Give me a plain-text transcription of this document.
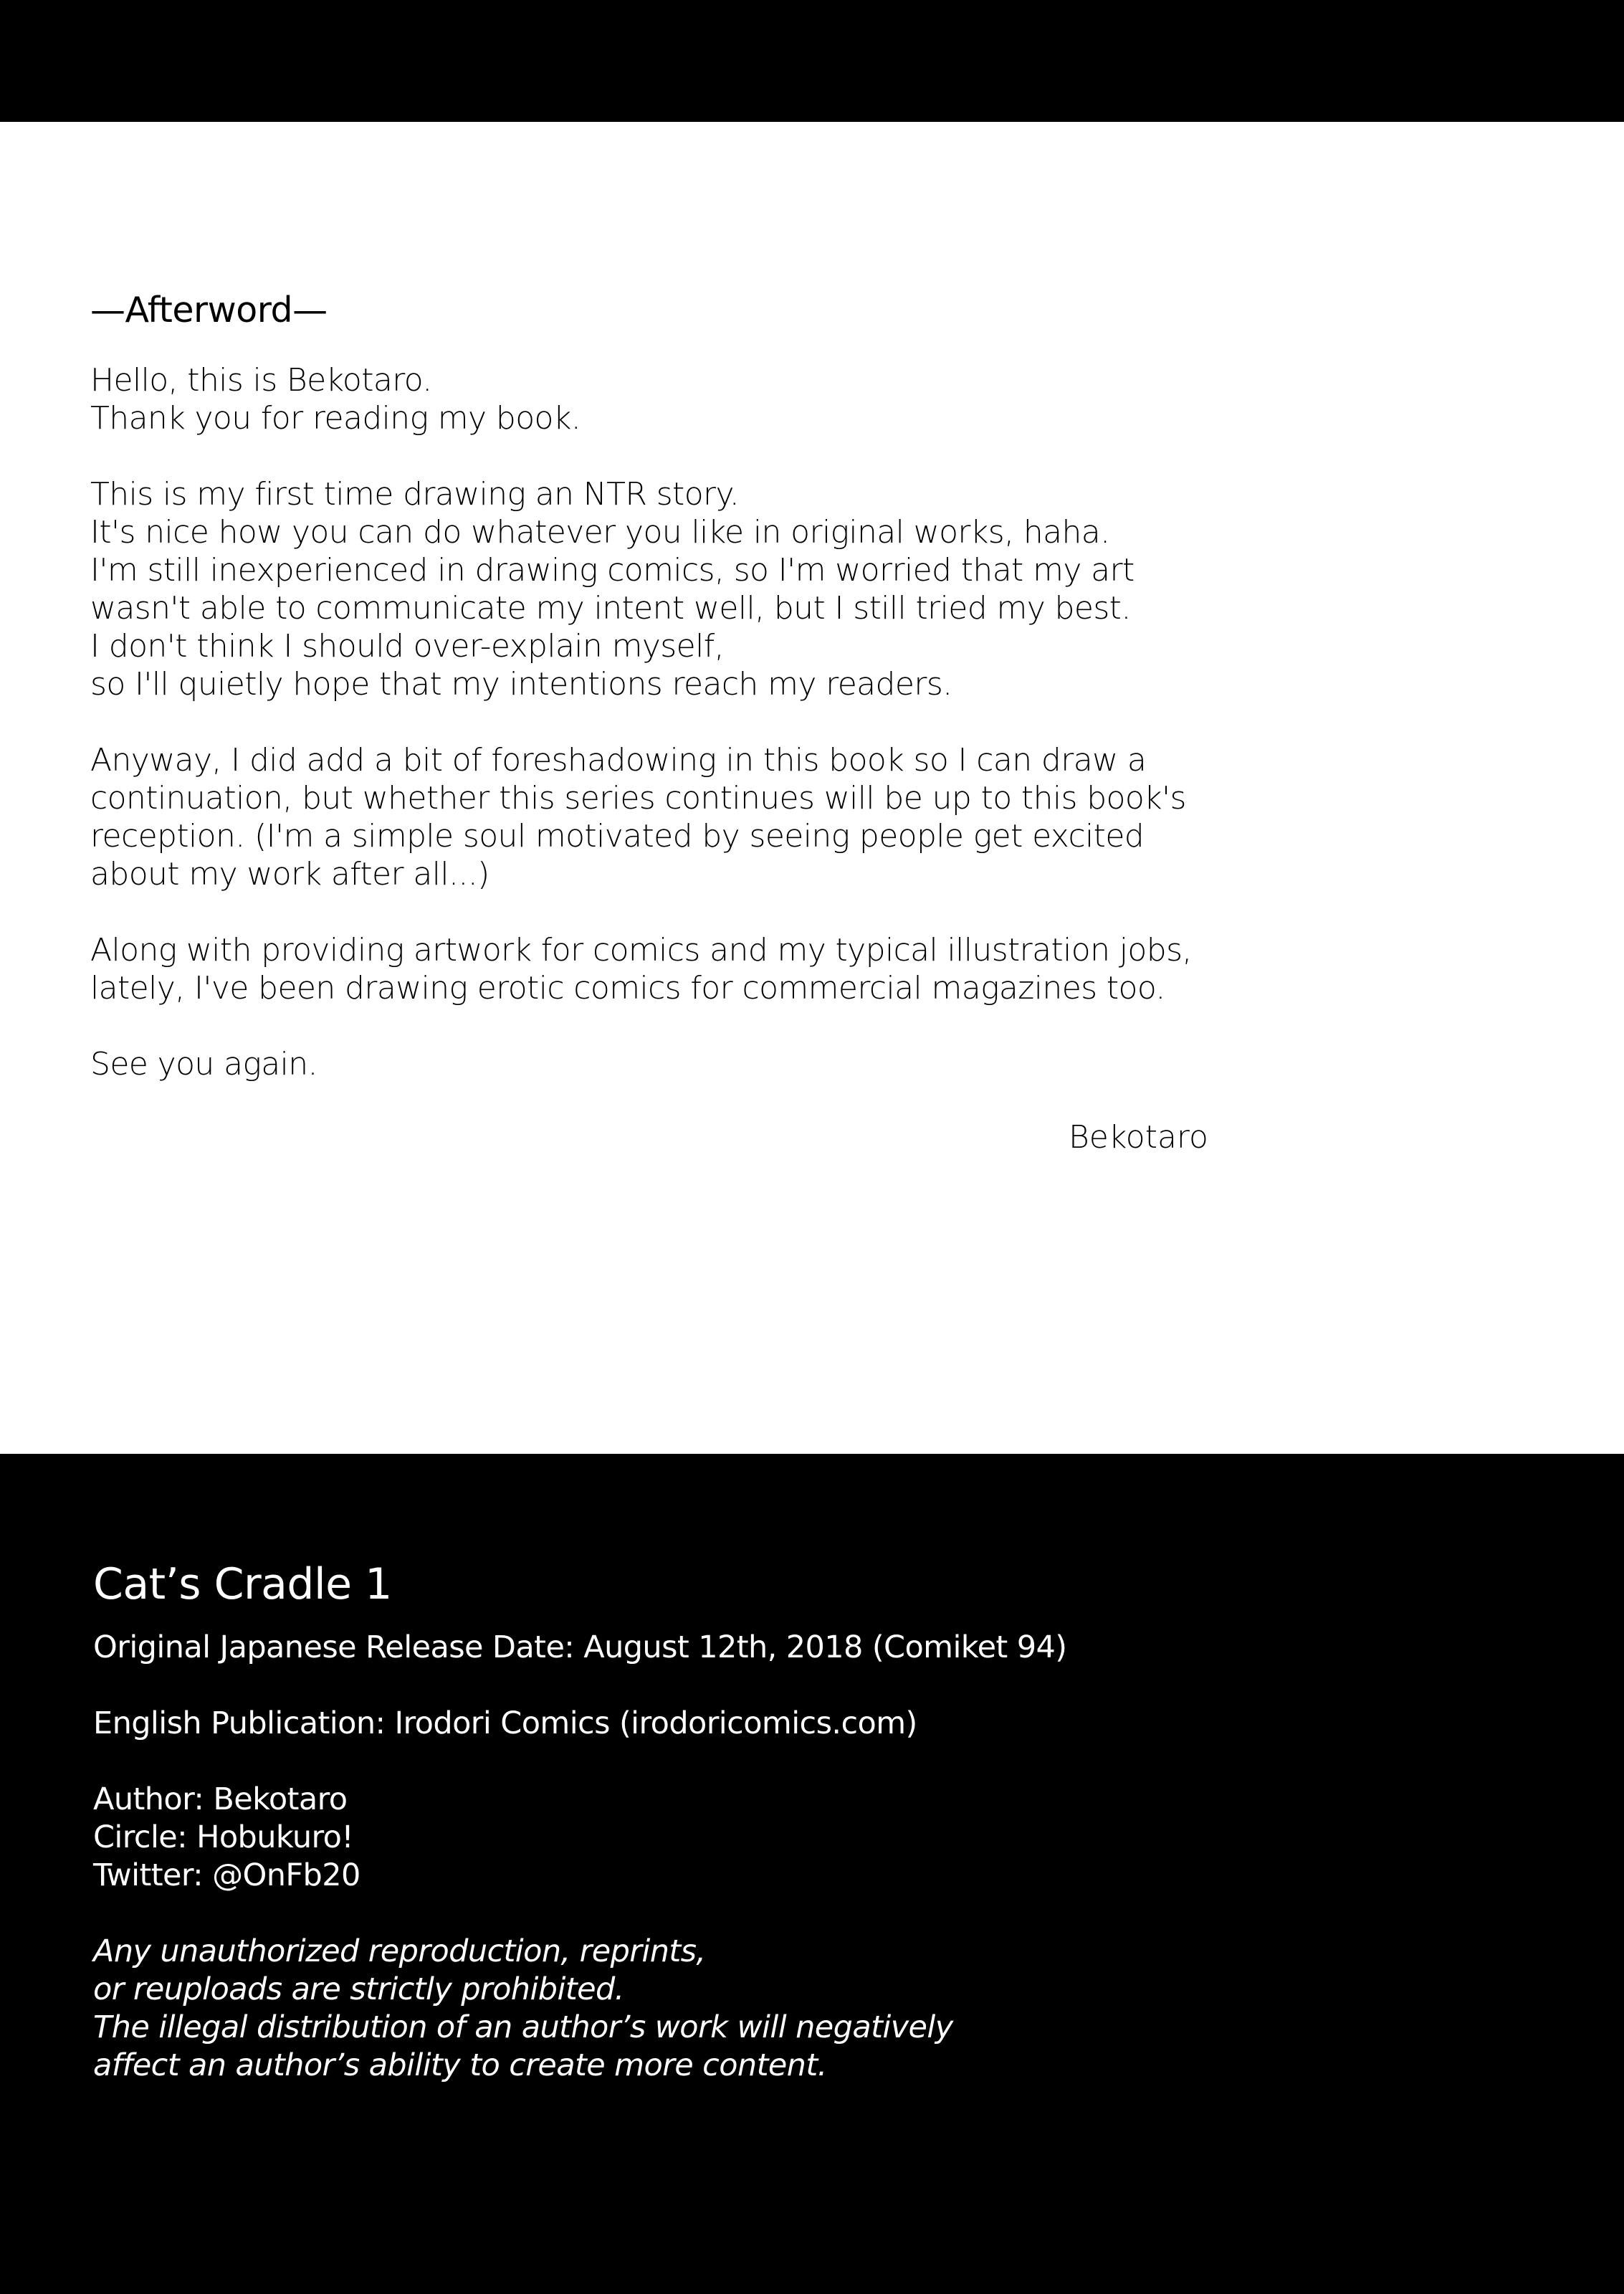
—Afterword—

Hello, this is Bekotaro.
Thank you for reading my book.

This is my first time drawing an NTR story.
It's nice how you can do whatever you like in original works, haha.
I'm still inexperienced in drawing comics, so I'm worried that my art
wasn't able to communicate my intent well, but I still tried my best.
I don't think I should over-explain myself,
so I'll quietly hope that my intentions reach my readers.

Anyway, I did add a bit of foreshadowing in this book so I can draw a
continuation, but whether this series continues will be up to this book's
reception. (I'm a simple soul motivated by seeing people get excited
about my work after all...)

Along with providing artwork for comics and my typical illustration jobs,
lately, I've been drawing erotic comics for commercial magazines too.

See you again.

Bekotaro
Cat’s Cradle 1

Original Japanese Release Date: August 12th, 2018 (Comiket 94)

English Publication: Irodori Comics (irodoricomics.com)

Author: Bekotaro
Circle: Hobukuro!
Twitter: @OnFb20

Any unauthorized reproduction, reprints,
or reuploads are strictly prohibited.
The illegal distribution of an author’s work will negatively
affect an author’s ability to create more content.
